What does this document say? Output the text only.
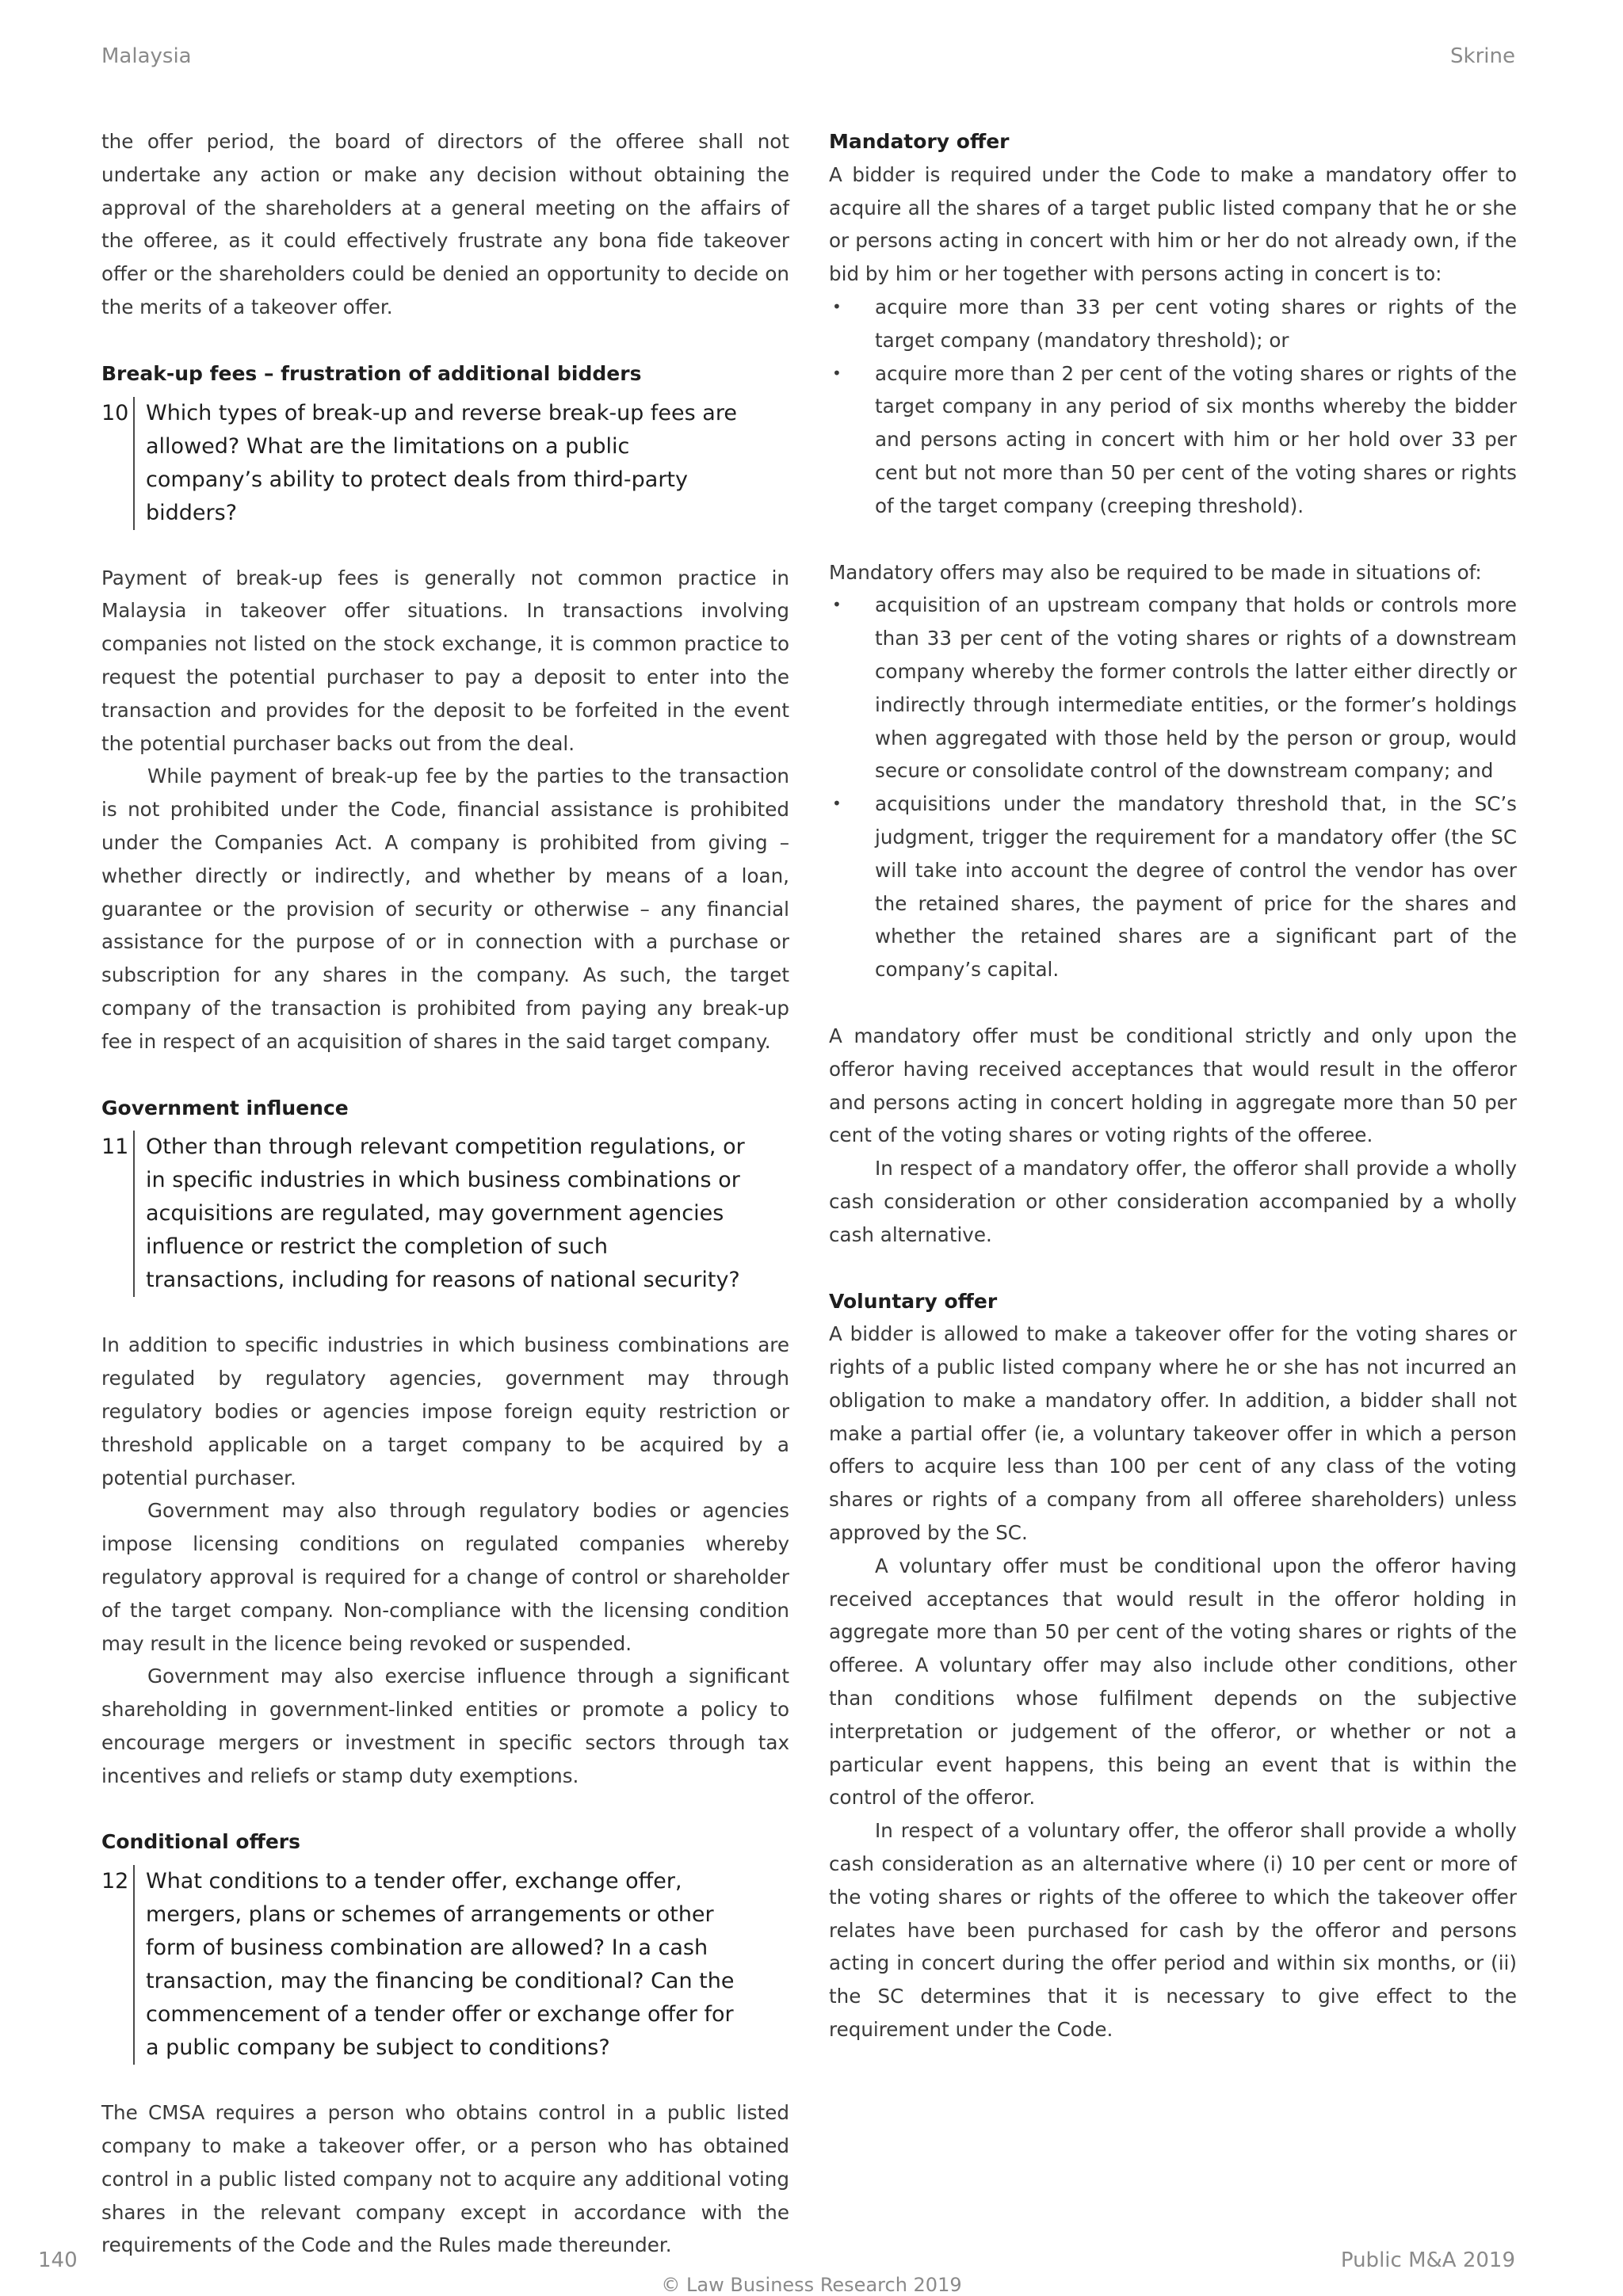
Malaysia	Skrine

the offer period, the board of directors of the offeree shall not undertake any action or make any decision without obtaining the approval of the shareholders at a general meeting on the affairs of the offeree, as it could effectively frustrate any bona fide takeover offer or the shareholders could be denied an opportunity to decide on the merits of a takeover offer.

Break-up fees – frustration of additional bidders

10 Which types of break-up and reverse break-up fees are allowed? What are the limitations on a public company’s ability to protect deals from third-party bidders?

Payment of break-up fees is generally not common practice in Malaysia in takeover offer situations. In transactions involving companies not listed on the stock exchange, it is common practice to request the potential purchaser to pay a deposit to enter into the transaction and provides for the deposit to be forfeited in the event the potential purchaser backs out from the deal.

While payment of break-up fee by the parties to the transaction is not prohibited under the Code, financial assistance is prohibited under the Companies Act. A company is prohibited from giving – whether directly or indirectly, and whether by means of a loan, guarantee or the provision of security or otherwise – any financial assistance for the purpose of or in connection with a purchase or subscription for any shares in the company. As such, the target company of the transaction is prohibited from paying any break-up fee in respect of an acquisition of shares in the said target company.

Government influence

11 Other than through relevant competition regulations, or in specific industries in which business combinations or acquisitions are regulated, may government agencies influence or restrict the completion of such transactions, including for reasons of national security?

In addition to specific industries in which business combinations are regulated by regulatory agencies, government may through regulatory bodies or agencies impose foreign equity restriction or threshold applicable on a target company to be acquired by a potential purchaser.

Government may also through regulatory bodies or agencies impose licensing conditions on regulated companies whereby regulatory approval is required for a change of control or shareholder of the target company. Non-compliance with the licensing condition may result in the licence being revoked or suspended.

Government may also exercise influence through a significant shareholding in government-linked entities or promote a policy to encourage mergers or investment in specific sectors through tax incentives and reliefs or stamp duty exemptions.

Conditional offers

12 What conditions to a tender offer, exchange offer, mergers, plans or schemes of arrangements or other form of business combination are allowed? In a cash transaction, may the financing be conditional? Can the commencement of a tender offer or exchange offer for a public company be subject to conditions?

The CMSA requires a person who obtains control in a public listed company to make a takeover offer, or a person who has obtained control in a public listed company not to acquire any additional voting shares in the relevant company except in accordance with the requirements of the Code and the Rules made thereunder.

Mandatory offer

A bidder is required under the Code to make a mandatory offer to acquire all the shares of a target public listed company that he or she or persons acting in concert with him or her do not already own, if the bid by him or her together with persons acting in concert is to:

• acquire more than 33 per cent voting shares or rights of the target company (mandatory threshold); or
• acquire more than 2 per cent of the voting shares or rights of the target company in any period of six months whereby the bidder and persons acting in concert with him or her hold over 33 per cent but not more than 50 per cent of the voting shares or rights of the target company (creeping threshold).

Mandatory offers may also be required to be made in situations of:

• acquisition of an upstream company that holds or controls more than 33 per cent of the voting shares or rights of a downstream company whereby the former controls the latter either directly or indirectly through intermediate entities, or the former’s holdings when aggregated with those held by the person or group, would secure or consolidate control of the downstream company; and
• acquisitions under the mandatory threshold that, in the SC’s judgment, trigger the requirement for a mandatory offer (the SC will take into account the degree of control the vendor has over the retained shares, the payment of price for the shares and whether the retained shares are a significant part of the company’s capital.

A mandatory offer must be conditional strictly and only upon the offeror having received acceptances that would result in the offeror and persons acting in concert holding in aggregate more than 50 per cent of the voting shares or voting rights of the offeree.

In respect of a mandatory offer, the offeror shall provide a wholly cash consideration or other consideration accompanied by a wholly cash alternative.

Voluntary offer

A bidder is allowed to make a takeover offer for the voting shares or rights of a public listed company where he or she has not incurred an obligation to make a mandatory offer. In addition, a bidder shall not make a partial offer (ie, a voluntary takeover offer in which a person offers to acquire less than 100 per cent of any class of the voting shares or rights of a company from all offeree shareholders) unless approved by the SC.

A voluntary offer must be conditional upon the offeror having received acceptances that would result in the offeror holding in aggregate more than 50 per cent of the voting shares or rights of the offeree. A voluntary offer may also include other conditions, other than conditions whose fulfilment depends on the subjective interpretation or judgement of the offeror, or whether or not a particular event happens, this being an event that is within the control of the offeror.

In respect of a voluntary offer, the offeror shall provide a wholly cash consideration as an alternative where (i) 10 per cent or more of the voting shares or rights of the offeree to which the takeover offer relates have been purchased for cash by the offeror and persons acting in concert during the offer period and within six months, or (ii) the SC determines that it is necessary to give effect to the requirement under the Code.

140	Public M&A 2019
© Law Business Research 2019
